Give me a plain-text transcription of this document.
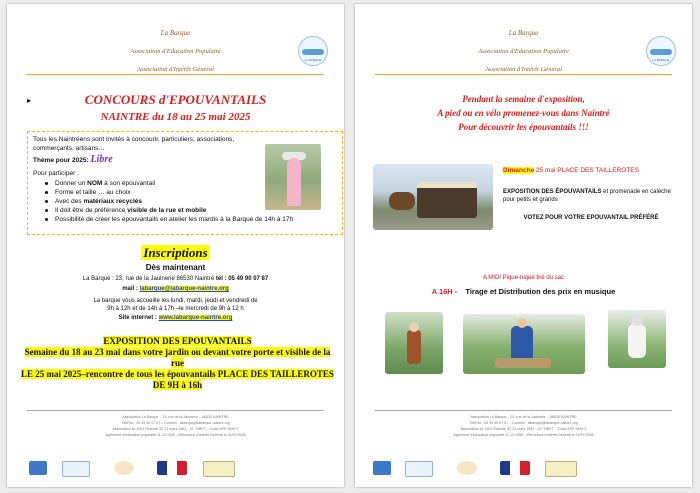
La Barque
Association d'Education Populaire
Association d'Intérêt Général
LA BARQUE
▸	CONCOURS d'EPOUVANTAILS
NAINTRE du 18 au 25 mai 2025
Tous les Naintréens sont invités à concourir, particuliers, associations, commerçants, artisans…
Thème pour 2025: Libre
Pour participer :
Donner un NOM à son épouvantail
Forme et taille … au choix
Avec des matériaux recyclés
Il doit être de préférence visible de la rue et mobile
Possibilité de créer les épouvantails en atelier les mardis à la Barque de 14h à 17h
Inscriptions
Dès maintenant
La Barque : 23, rue de la Jaulnerie 86530 Naintré tél : 05 49 90 07 87
mail : labarque@labarque-naintre.org
La barque vous accueille les lundi, mardi, jeudi et vendredi de
9h à 12h et de 14h à 17h –le mercredi de 9h à 12 h
Site internet : www.labarque-naintre.org
EXPOSITION DES EPOUVANTAILS
Semaine du 18 au 23 mai dans votre jardin ou devant votre porte et visible de la rue
LE 25 mai 2025–rencontre de tous les épouvantails PLACE DES TAILLEROTES DE 9H à 16h
Association La Barque – 23, rue de la Jaulnerie – 86530 NAINTRE
Tél/Fax : 05 49 90 07 87 – Courriel : labarque@labarque-naintre.org
Association loi 1901 Réduite JO 21 mars 1982 – N° SIRET – Code APE 9499 Z
Agrément d'éducation populaire 11-13 1995 – Reconnue d'intérêt Général le 31/07/2006
La Barque
Association d'Education Populaire
Association d'Intérêt Général
LA BARQUE
Pendant la semaine d'exposition,
A pied ou en vélo promenez-vous dans Naintré
Pour découvrir les épouvantails !!!
Dimanche 25 mai PLACE DES TAILLEROTES
EXPOSITION DES ÉPOUVANTAILS et promenade en calèche pour petits et grands
VOTEZ POUR VOTRE EPOUVANTAIL PRÉFÉRÉ
A MIDI Pique-nique tiré du sac
A 16H - Tirage et Distribution des prix en musique
Association La Barque – 23, rue de la Jaulnerie – 86530 NAINTRE
Tél/Fax : 05 49 90 07 87 – Courriel : labarque@labarque-naintre.org
Association loi 1901 Réduite JO 21 mars 1982 – N° SIRET – Code APE 9499 Z
Agrément d'éducation populaire 11-13 1995 – Reconnue d'intérêt Général le 31/07/2006
